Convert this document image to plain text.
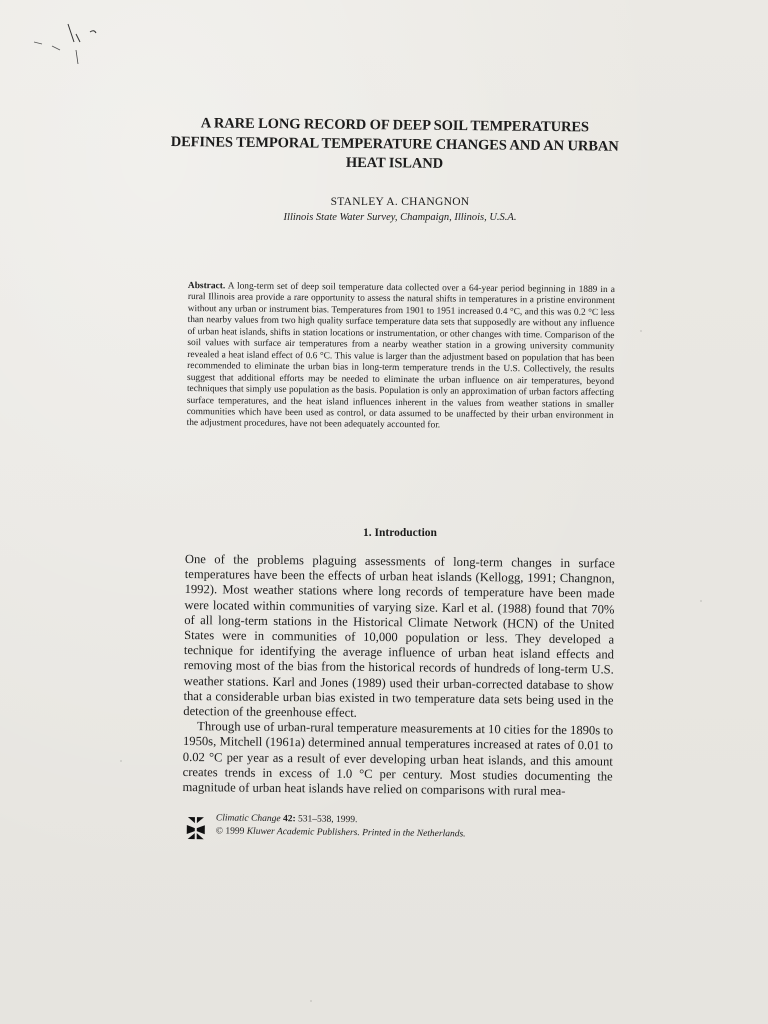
A RARE LONG RECORD OF DEEP SOIL TEMPERATURES DEFINES TEMPORAL TEMPERATURE CHANGES AND AN URBAN HEAT ISLAND
STANLEY A. CHANGNON
Illinois State Water Survey, Champaign, Illinois, U.S.A.
Abstract. A long-term set of deep soil temperature data collected over a 64-year period beginning in 1889 in a rural Illinois area provide a rare opportunity to assess the natural shifts in temperatures in a pristine environment without any urban or instrument bias. Temperatures from 1901 to 1951 increased 0.4 °C, and this was 0.2 °C less than nearby values from two high quality surface temperature data sets that supposedly are without any influence of urban heat islands, shifts in station locations or instrumentation, or other changes with time. Comparison of the soil values with surface air temperatures from a nearby weather station in a growing university community revealed a heat island effect of 0.6 °C. This value is larger than the adjustment based on population that has been recommended to eliminate the urban bias in long-term temperature trends in the U.S. Collectively, the results suggest that additional efforts may be needed to eliminate the urban influence on air temperatures, beyond techniques that simply use population as the basis. Population is only an approximation of urban factors affecting surface temperatures, and the heat island influences inherent in the values from weather stations in smaller communities which have been used as control, or data assumed to be unaffected by their urban environment in the adjustment procedures, have not been adequately accounted for.
1. Introduction

One of the problems plaguing assessments of long-term changes in surface temperatures have been the effects of urban heat islands (Kellogg, 1991; Changnon, 1992). Most weather stations where long records of temperature have been made were located within communities of varying size. Karl et al. (1988) found that 70% of all long-term stations in the Historical Climate Network (HCN) of the United States were in communities of 10,000 population or less. They developed a technique for identifying the average influence of urban heat island effects and removing most of the bias from the historical records of hundreds of long-term U.S. weather stations. Karl and Jones (1989) used their urban-corrected database to show that a considerable urban bias existed in two temperature data sets being used in the detection of the greenhouse effect.

Through use of urban-rural temperature measurements at 10 cities for the 1890s to 1950s, Mitchell (1961a) determined annual temperatures increased at rates of 0.01 to 0.02 °C per year as a result of ever developing urban heat islands, and this amount creates trends in excess of 1.0 °C per century. Most studies documenting the magnitude of urban heat islands have relied on comparisons with rural mea-

Climatic Change 42: 531–538, 1999.
© 1999 Kluwer Academic Publishers. Printed in the Netherlands.
